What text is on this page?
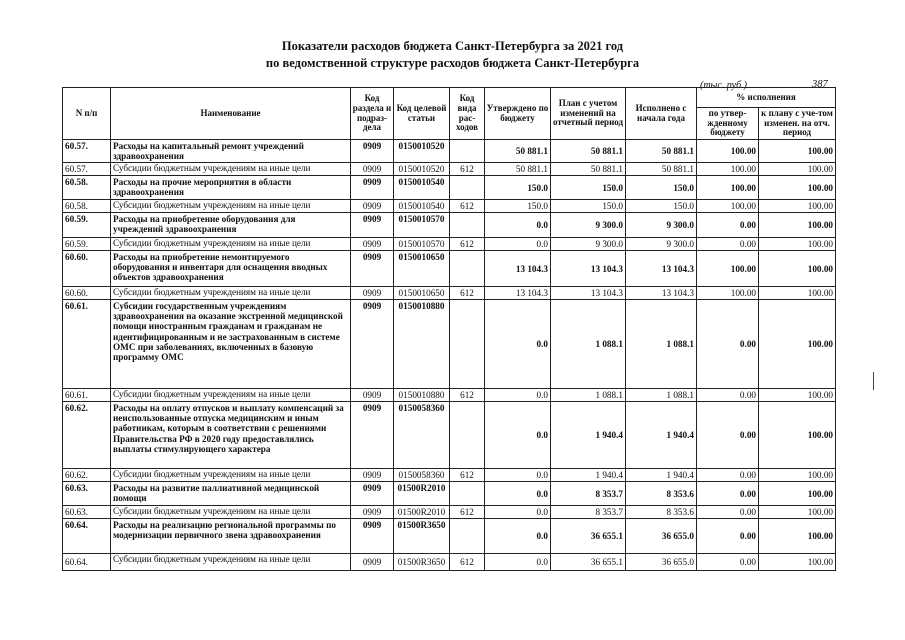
Показатели расходов бюджета Санкт-Петербурга за 2021 год
по ведомственной структуре расходов бюджета Санкт-Петербурга
(тыс. руб.)	387
N п/п	Наименование	Код раздела и подраз-дела	Код целевой статьи	Код вида рас-ходов	Утверждено по бюджету	План с учетом изменений на отчетный период	Исполнено с начала года	% исполнения	
								по утвер-жденному бюджету	к плану с уче-том изменен. на отч. период
60.57.	Расходы на капитальный ремонт учреждений здравоохранения	0909	0150010520		50 881.1	50 881.1	50 881.1	100.00	100.00
60.57.	Субсидии бюджетным учреждениям на иные цели	0909	0150010520	612	50 881.1	50 881.1	50 881.1	100.00	100.00
60.58.	Расходы на прочие мероприятия в области здравоохранения	0909	0150010540		150.0	150.0	150.0	100.00	100.00
60.58.	Субсидии бюджетным учреждениям на иные цели	0909	0150010540	612	150.0	150.0	150.0	100.00	100.00
60.59.	Расходы на приобретение оборудования для учреждений здравоохранения	0909	0150010570		0.0	9 300.0	9 300.0	0.00	100.00
60.59.	Субсидии бюджетным учреждениям на иные цели	0909	0150010570	612	0.0	9 300.0	9 300.0	0.00	100.00
60.60.	Расходы на приобретение немонтируемого оборудования и инвентаря для оснащения вводных объектов здравоохранения	0909	0150010650		13 104.3	13 104.3	13 104.3	100.00	100.00
60.60.	Субсидии бюджетным учреждениям на иные цели	0909	0150010650	612	13 104.3	13 104.3	13 104.3	100.00	100.00
60.61.	Субсидии государственным учреждениям здравоохранения на оказание экстренной медицинской помощи иностранным гражданам и гражданам не идентифицированным и не застрахованным в системе ОМС при заболеваниях, включенных в базовую программу ОМС	0909	0150010880		0.0	1 088.1	1 088.1	0.00	100.00
60.61.	Субсидии бюджетным учреждениям на иные цели	0909	0150010880	612	0.0	1 088.1	1 088.1	0.00	100.00
60.62.	Расходы на оплату отпусков и выплату компенсаций за неиспользованные отпуска медицинским и иным работникам, которым в соответствии с решениями Правительства РФ в 2020 году предоставлялись выплаты стимулирующего характера	0909	0150058360		0.0	1 940.4	1 940.4	0.00	100.00
60.62.	Субсидии бюджетным учреждениям на иные цели	0909	0150058360	612	0.0	1 940.4	1 940.4	0.00	100.00
60.63.	Расходы на развитие паллиативной медицинской помощи	0909	01500R2010		0.0	8 353.7	8 353.6	0.00	100.00
60.63.	Субсидии бюджетным учреждениям на иные цели	0909	01500R2010	612	0.0	8 353.7	8 353.6	0.00	100.00
60.64.	Расходы на реализацию региональной программы по модернизации первичного звена здравоохранения	0909	01500R3650		0.0	36 655.1	36 655.0	0.00	100.00
60.64.	Субсидии бюджетным учреждениям на иные цели	0909	01500R3650	612	0.0	36 655.1	36 655.0	0.00	100.00
